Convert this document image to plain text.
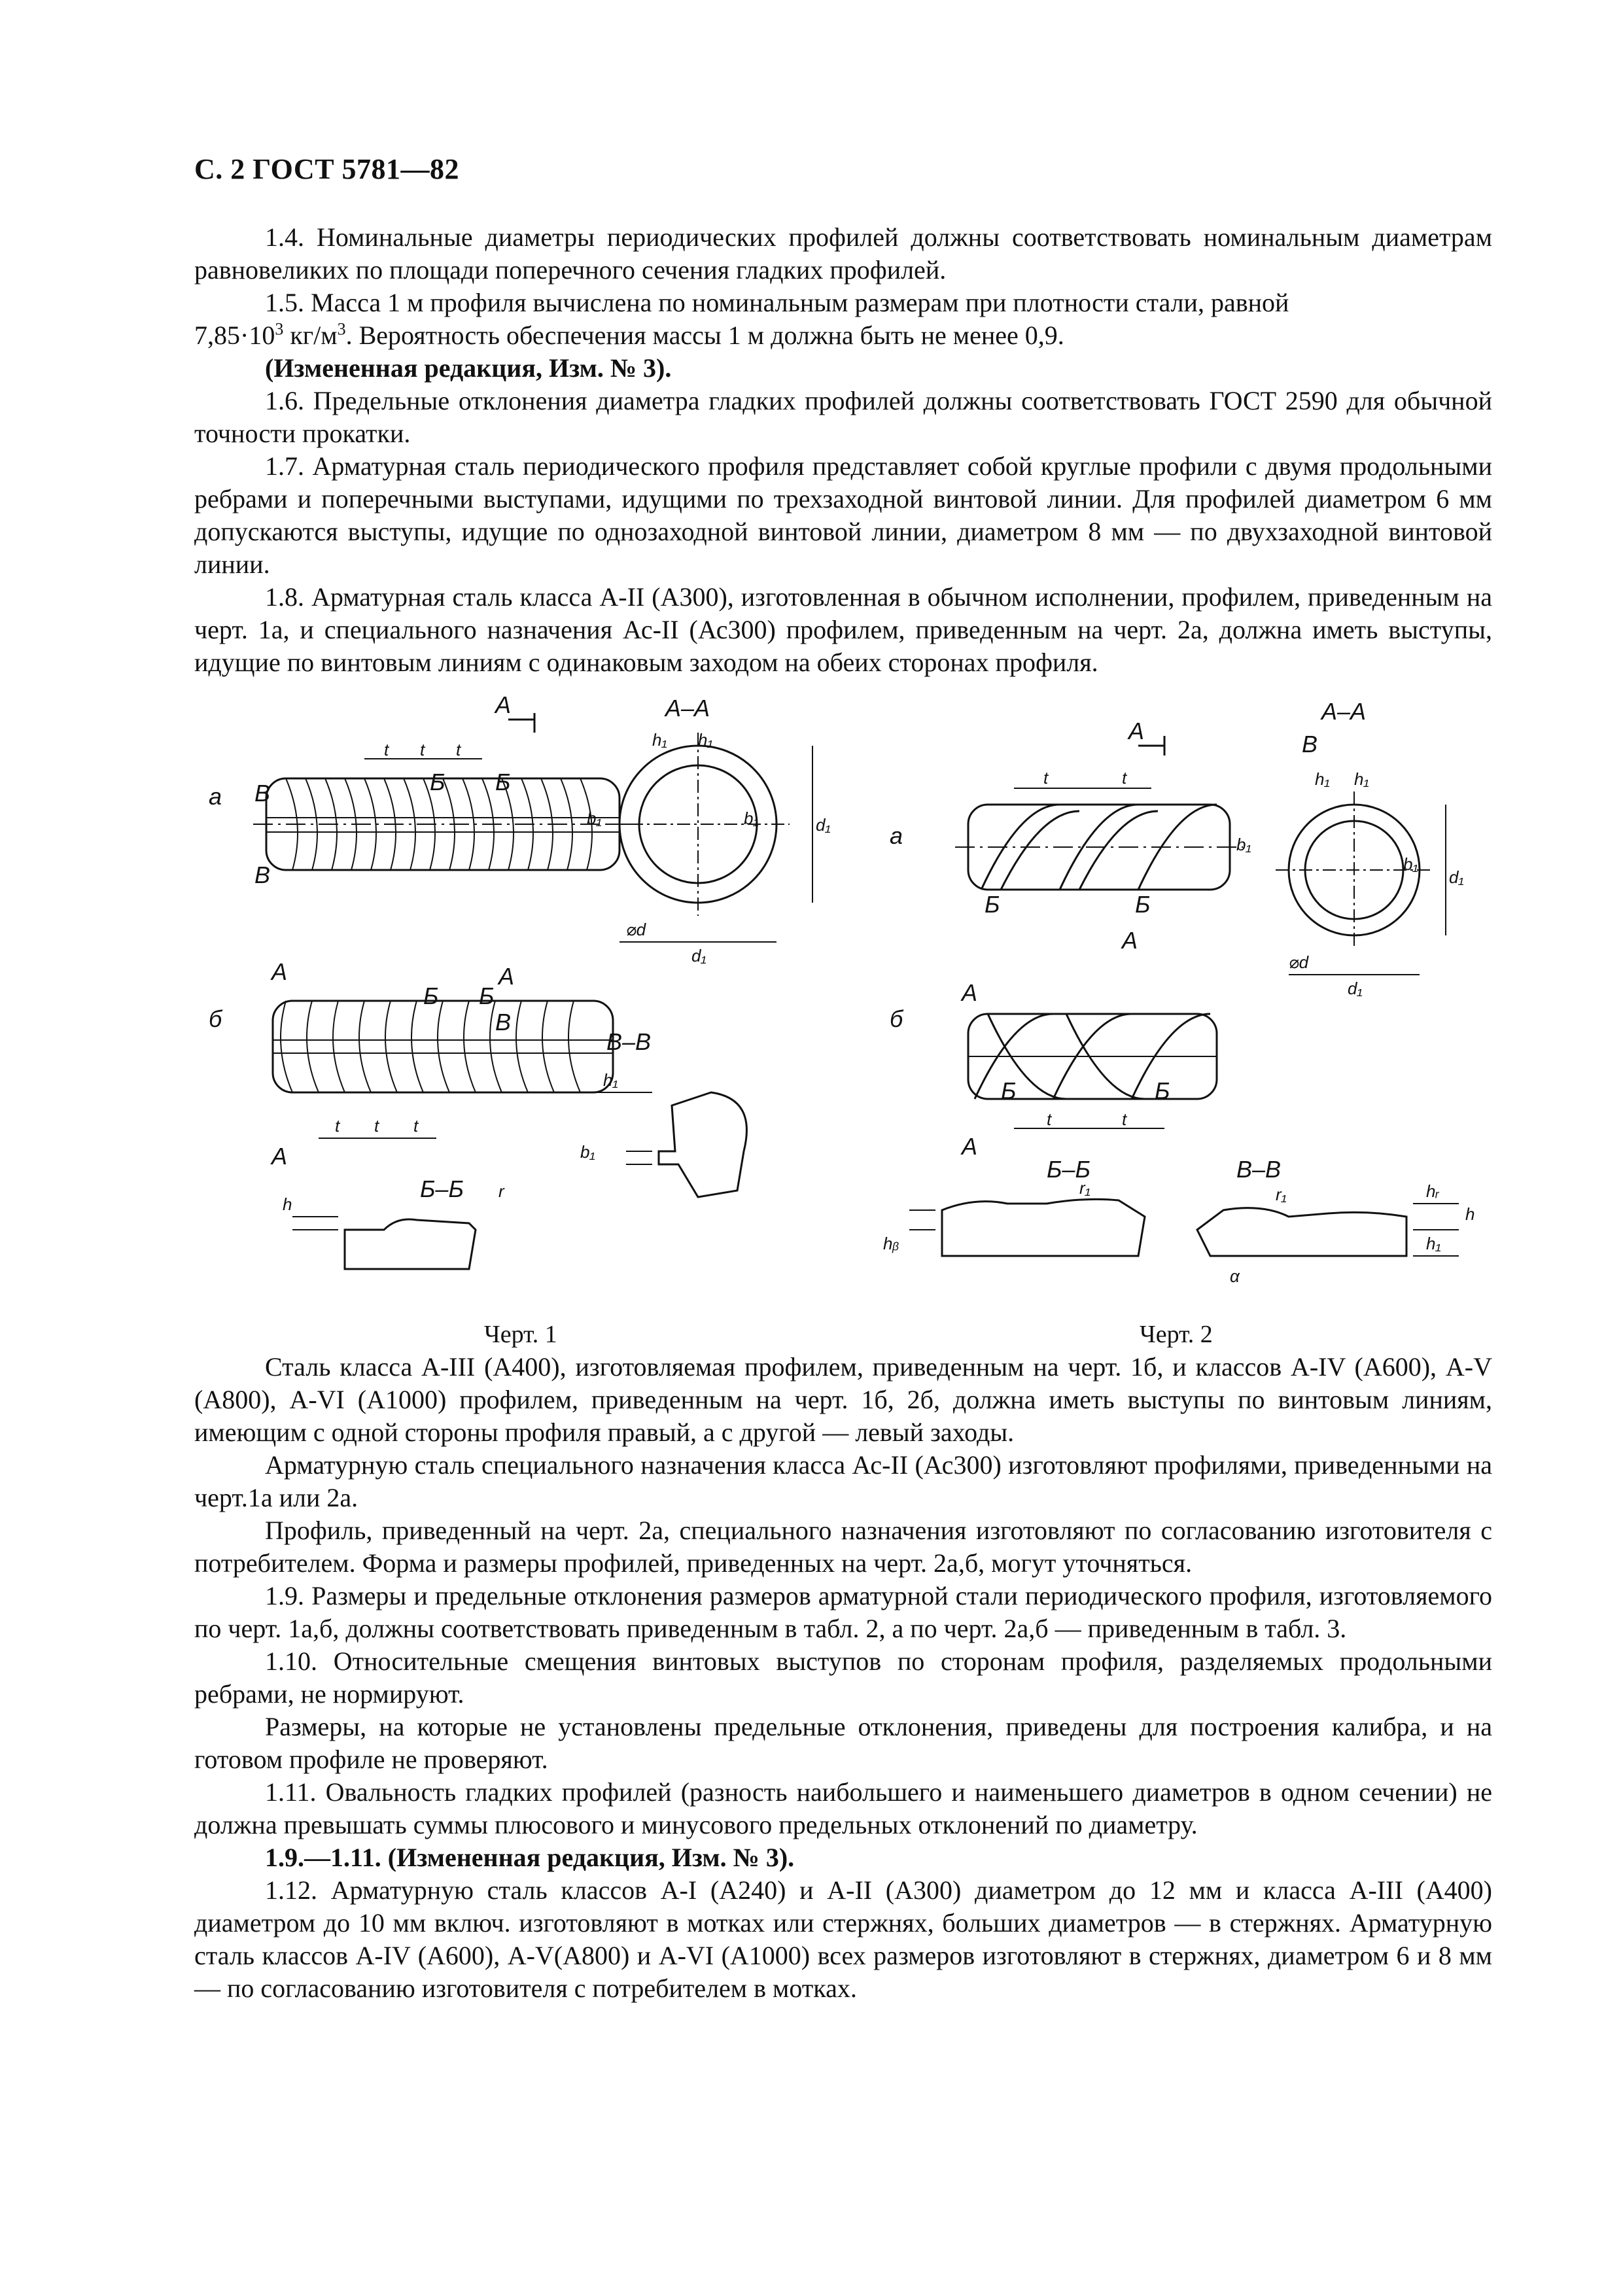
С. 2 ГОСТ 5781—82

1.4. Номинальные диаметры периодических профилей должны соответствовать номинальным диаметрам равновеликих по площади поперечного сечения гладких профилей.

1.5. Масса 1 м профиля вычислена по номинальным размерам при плотности стали, равной
$7,85\cdot 10^3$ $кг/м^3$. Вероятность обеспечения массы 1 м должна быть не менее 0,9.

(Измененная редакция, Изм. № 3).

1.6. Предельные отклонения диаметра гладких профилей должны соответствовать ГОСТ 2590 для обычной точности прокатки.

1.7. Арматурная сталь периодического профиля представляет собой круглые профили с двумя продольными ребрами и поперечными выступами, идущими по трехзаходной винтовой линии. Для профилей диаметром 6 мм допускаются выступы, идущие по однозаходной винтовой линии, диаметром 8 мм — по двухзаходной винтовой линии.

1.8. Арматурная сталь класса А-II (А300), изготовленная в обычном исполнении, профилем, приведенным на черт. 1а, и специального назначения Ас-II (Ас300) профилем, приведенным на черт. 2а, должна иметь выступы, идущие по винтовым линиям с одинаковым заходом на обеих сторонах профиля.

а В
В
А
t t t
Б Б
b₁
А–А
h₁ h₁
b₁	d₁
⌀d
d₁
б
А	А
Б Б
В
А
t t t
В–В
h₁
b₁
Б–Б
h
r
Черт. 1
а
А
t	t
Б	Б
А
b₁
А–А
В
h₁ h₁
b₁
d₁
⌀d
d₁
б
А
Б	Б
t	t
А
Б–Б
r₁
hᵦ
В–В
r₁	hᵣ
h
h₁
α
Черт. 2

Сталь класса А-III (А400), изготовляемая профилем, приведенным на черт. 1б, и классов А-IV (А600), А-V (А800), А-VI (А1000) профилем, приведенным на черт. 1б, 2б, должна иметь выступы по винтовым линиям, имеющим с одной стороны профиля правый, а с другой — левый заходы.

Арматурную сталь специального назначения класса Ас-II (Ас300) изготовляют профилями, приведенными на черт.1а или 2а.

Профиль, приведенный на черт. 2а, специального назначения изготовляют по согласованию изготовителя с потребителем. Форма и размеры профилей, приведенных на черт. 2а,б, могут уточняться.

1.9. Размеры и предельные отклонения размеров арматурной стали периодического профиля, изготовляемого по черт. 1а,б, должны соответствовать приведенным в табл. 2, а по черт. 2а,б — приведенным в табл. 3.

1.10. Относительные смещения винтовых выступов по сторонам профиля, разделяемых продольными ребрами, не нормируют.

Размеры, на которые не установлены предельные отклонения, приведены для построения калибра, и на готовом профиле не проверяют.

1.11. Овальность гладких профилей (разность наибольшего и наименьшего диаметров в одном сечении) не должна превышать суммы плюсового и минусового предельных отклонений по диаметру.

1.9.—1.11. (Измененная редакция, Изм. № 3).

1.12. Арматурную сталь классов А-I (А240) и А-II (А300) диаметром до 12 мм и класса А-III (А400) диаметром до 10 мм включ. изготовляют в мотках или стержнях, больших диаметров — в стержнях. Арматурную сталь классов А-IV (А600), А-V(А800) и А-VI (А1000) всех размеров изготовляют в стержнях, диаметром 6 и 8 мм — по согласованию изготовителя с потребителем в мотках.
